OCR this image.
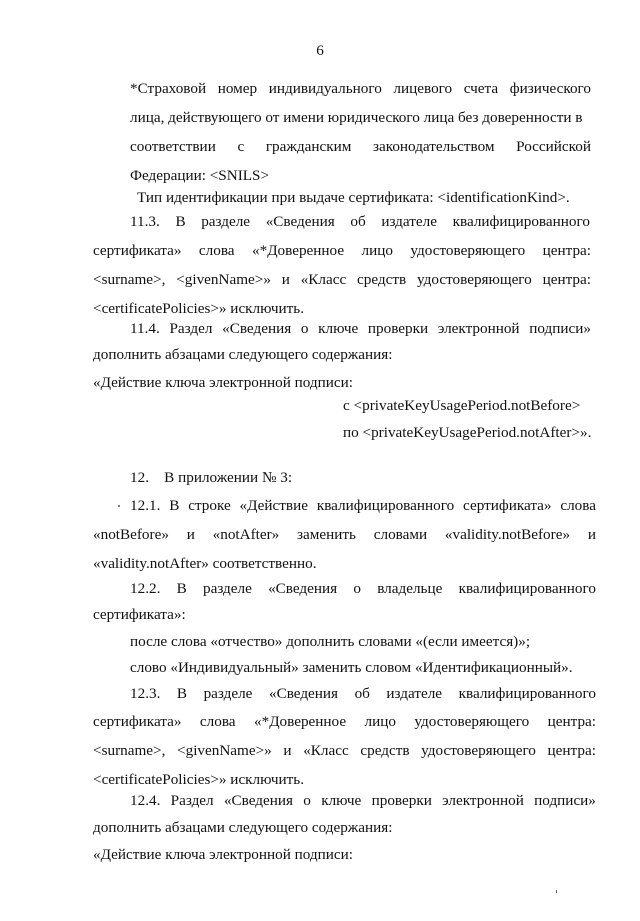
6
*Страховой номер индивидуального лицевого счета физического
лица, действующего от имени юридического лица без доверенности в
соответствии с гражданским законодательством Российской
Федерации: <SNILS>
Тип идентификации при выдаче сертификата: <identificationKind>.
11.3. В разделе «Сведения об издателе квалифицированного
сертификата» слова «*Доверенное лицо удостоверяющего центра:
<surname>, <givenName>» и «Класс средств удостоверяющего центра:
<certificatePolicies>» исключить.
11.4. Раздел «Сведения о ключе проверки электронной подписи»
дополнить абзацами следующего содержания:
«Действие ключа электронной подписи:
с <privateKeyUsagePeriod.notBefore>
по <privateKeyUsagePeriod.notAfter>».
12.    В приложении № 3:
12.1. В строке «Действие квалифицированного сертификата» слова
«notBefore» и «notAfter» заменить словами «validity.notBefore» и
«validity.notAfter» соответственно.
12.2. В разделе «Сведения о владельце квалифицированного
сертификата»:
после слова «отчество» дополнить словами «(если имеется)»;
слово «Индивидуальный» заменить словом «Идентификационный».
12.3. В разделе «Сведения об издателе квалифицированного
сертификата» слова «*Доверенное лицо удостоверяющего центра:
<surname>, <givenName>» и «Класс средств удостоверяющего центра:
<certificatePolicies>» исключить.
12.4. Раздел «Сведения о ключе проверки электронной подписи»
дополнить абзацами следующего содержания:
«Действие ключа электронной подписи:
